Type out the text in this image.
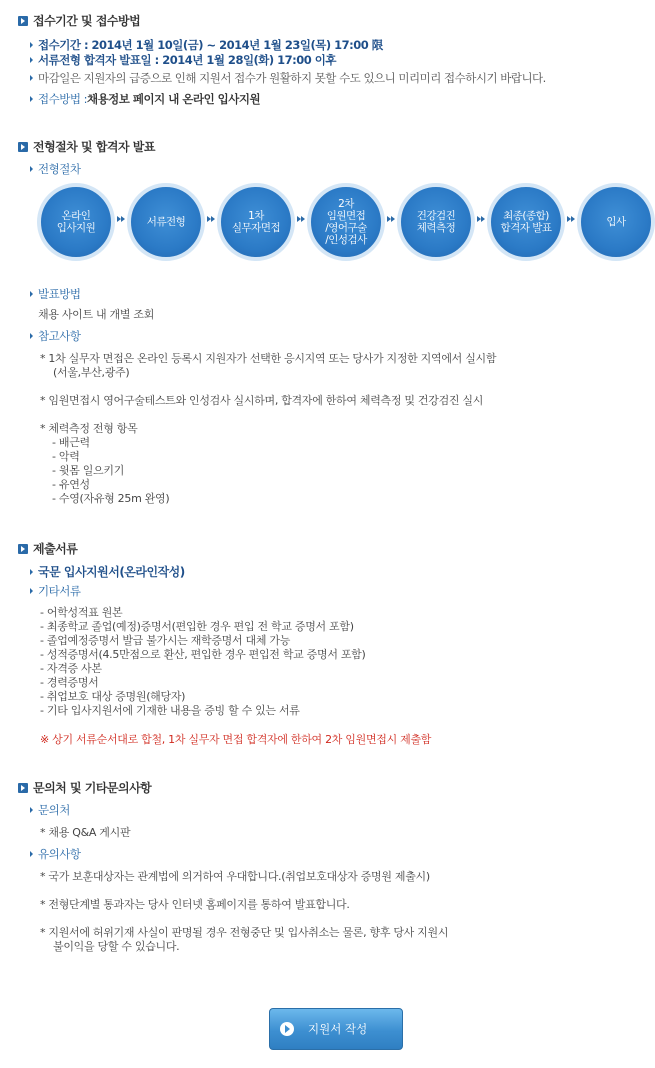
접수기간 및 접수방법
접수기간 : 2014년 1월 10일(금) ~ 2014년 1월 23일(목) 17:00 限
서류전형 합격자 발표일 : 2014년 1월 28일(화) 17:00 이후
마감일은 지원자의 급증으로 인해 지원서 접수가 원활하지 못할 수도 있으니 미리미리 접수하시기 바랍니다.
접수방법 : 채용정보 페이지 내 온라인 입사지원
전형절차 및 합격자 발표
전형절차
온라인
입사지원	서류전형	1차
실무자면접
2차
임원면접
/영어구술
/인성검사
건강검진
체력측정
최종(종합)
합격자 발표	입사
발표방법
채용 사이트 내 개별 조회
참고사항
* 1차 실무자 면접은 온라인 등록시 지원자가 선택한 응시지역 또는 당사가 지정한 지역에서 실시함
(서울,부산,광주)
* 임원면접시 영어구술테스트와 인성검사 실시하며, 합격자에 한하여 체력측정 및 건강검진 실시
* 체력측정 전형 항목
- 배근력
- 악력
- 윗몸 일으키기
- 유연성
- 수영(자유형 25m 완영)
제출서류
국문 입사지원서(온라인작성)
기타서류
- 어학성적표 원본
- 최종학교 졸업(예정)증명서(편입한 경우 편입 전 학교 증명서 포함)
- 졸업예정증명서 발급 불가시는 재학증명서 대체 가능
- 성적증명서(4.5만점으로 환산, 편입한 경우 편입전 학교 증명서 포함)
- 자격증 사본
- 경력증명서
- 취업보호 대상 증명원(해당자)
- 기타 입사지원서에 기재한 내용을 증빙 할 수 있는 서류
※ 상기 서류순서대로 합철, 1차 실무자 면접 합격자에 한하여 2차 임원면접시 제출함
문의처 및 기타문의사항
문의처
* 채용 Q&A 게시판
유의사항
* 국가 보훈대상자는 관계법에 의거하여 우대합니다.(취업보호대상자 증명원 제출시)
* 전형단계별 통과자는 당사 인터넷 홈페이지를 통하여 발표합니다.
* 지원서에 허위기재 사실이 판명될 경우 전형중단 및 입사취소는 물론, 향후 당사 지원시
불이익을 당할 수 있습니다.
지원서 작성
